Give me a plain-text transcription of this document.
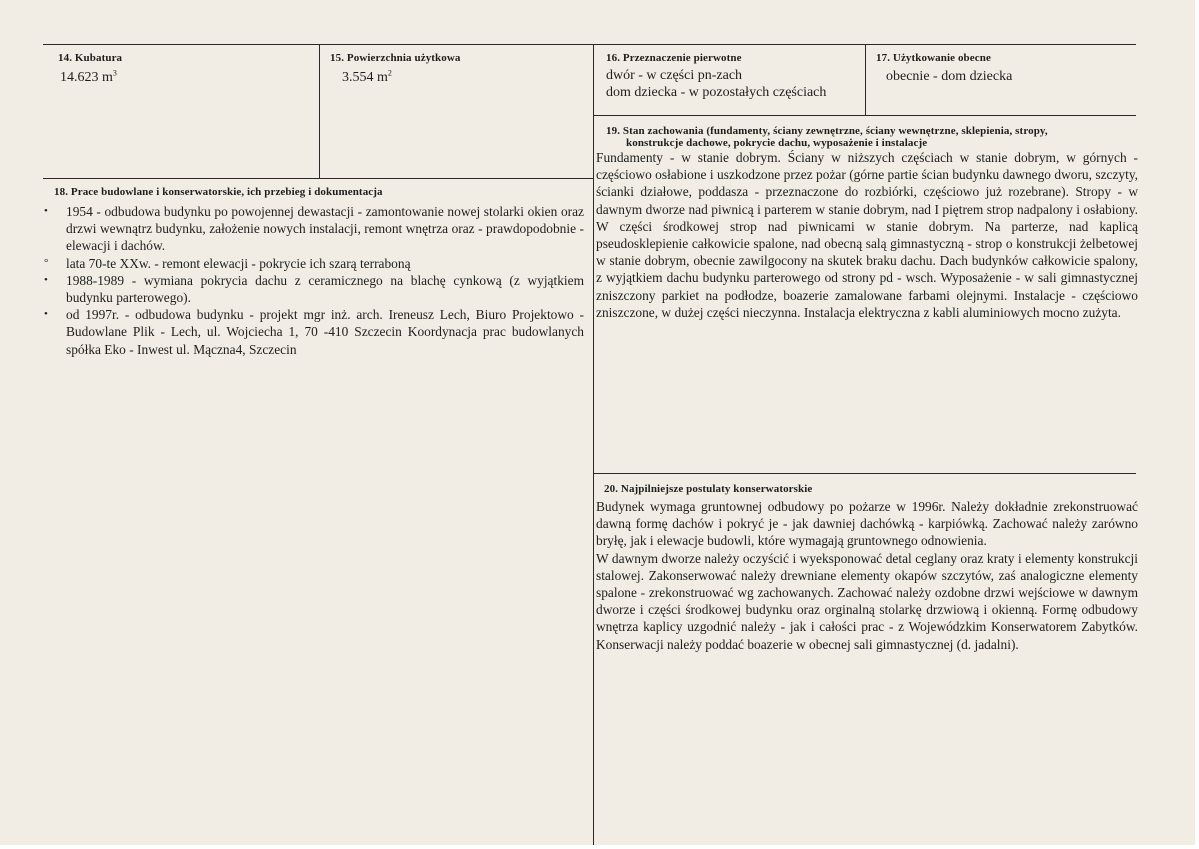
14. Kubatura
14.623 $m^3$
15. Powierzchnia użytkowa
3.554 $m^2$
16. Przeznaczenie pierwotne
dwór - w części pn-zach
dom dziecka - w pozostałych częściach
17. Użytkowanie obecne
obecnie - dom dziecka
18. Prace budowlane i konserwatorskie, ich przebieg i dokumentacja
• 1954 - odbudowa budynku po powojennej dewastacji - zamontowanie nowej stolarki okien oraz drzwi wewnątrz budynku, założenie nowych instalacji, remont wnętrza oraz - prawdopodobnie - elewacji i dachów.
° lata 70-te XXw. - remont elewacji - pokrycie ich szarą terraboną
• 1988-1989 - wymiana pokrycia dachu z ceramicznego na blachę cynkową (z wyjątkiem budynku parterowego).
• od 1997r. - odbudowa budynku - projekt mgr inż. arch. Ireneusz Lech, Biuro Projektowo - Budowlane Plik - Lech, ul. Wojciecha 1, 70 -410 Szczecin Koordynacja prac budowlanych spółka Eko - Inwest ul. Mączna4, Szczecin
19. Stan zachowania (fundamenty, ściany zewnętrzne, ściany wewnętrzne, sklepienia, stropy,
konstrukcje dachowe, pokrycie dachu, wyposażenie i instalacje
Fundamenty - w stanie dobrym. Ściany w niższych częściach w stanie dobrym, w górnych - częściowo osłabione i uszkodzone przez pożar (górne partie ścian budynku dawnego dworu, szczyty, ścianki działowe, poddasza - przeznaczone do rozbiórki, częściowo już rozebrane). Stropy - w dawnym dworze nad piwnicą i parterem w stanie dobrym, nad I piętrem strop nadpalony i osłabiony. W części środkowej strop nad piwnicami w stanie dobrym. Na parterze, nad kaplicą pseudosklepienie całkowicie spalone, nad obecną salą gimnastyczną - strop o konstrukcji żelbetowej w stanie dobrym, obecnie zawilgocony na skutek braku dachu. Dach budynków całkowicie spalony, z wyjątkiem dachu budynku parterowego od strony pd - wsch. Wyposażenie - w sali gimnastycznej zniszczony parkiet na podłodze, boazerie zamalowane farbami olejnymi. Instalacje - częściowo zniszczone, w dużej części nieczynna. Instalacja elektryczna z kabli aluminiowych mocno zużyta.
20. Najpilniejsze postulaty konserwatorskie
Budynek wymaga gruntownej odbudowy po pożarze w 1996r. Należy dokładnie zrekonstruować dawną formę dachów i pokryć je - jak dawniej dachówką - karpiówką. Zachować należy zarówno bryłę, jak i elewacje budowli, które wymagają gruntownego odnowienia.
W dawnym dworze należy oczyścić i wyeksponować detal ceglany oraz kraty i elementy konstrukcji stalowej. Zakonserwować należy drewniane elementy okapów szczytów, zaś analogiczne elementy spalone - zrekonstruować wg zachowanych. Zachować należy ozdobne drzwi wejściowe w dawnym dworze i części środkowej budynku oraz orginalną stolarkę drzwiową i okienną. Formę odbudowy wnętrza kaplicy uzgodnić należy - jak i całości prac - z Wojewódzkim Konserwatorem Zabytków. Konserwacji należy poddać boazerie w obecnej sali gimnastycznej (d. jadalni).
